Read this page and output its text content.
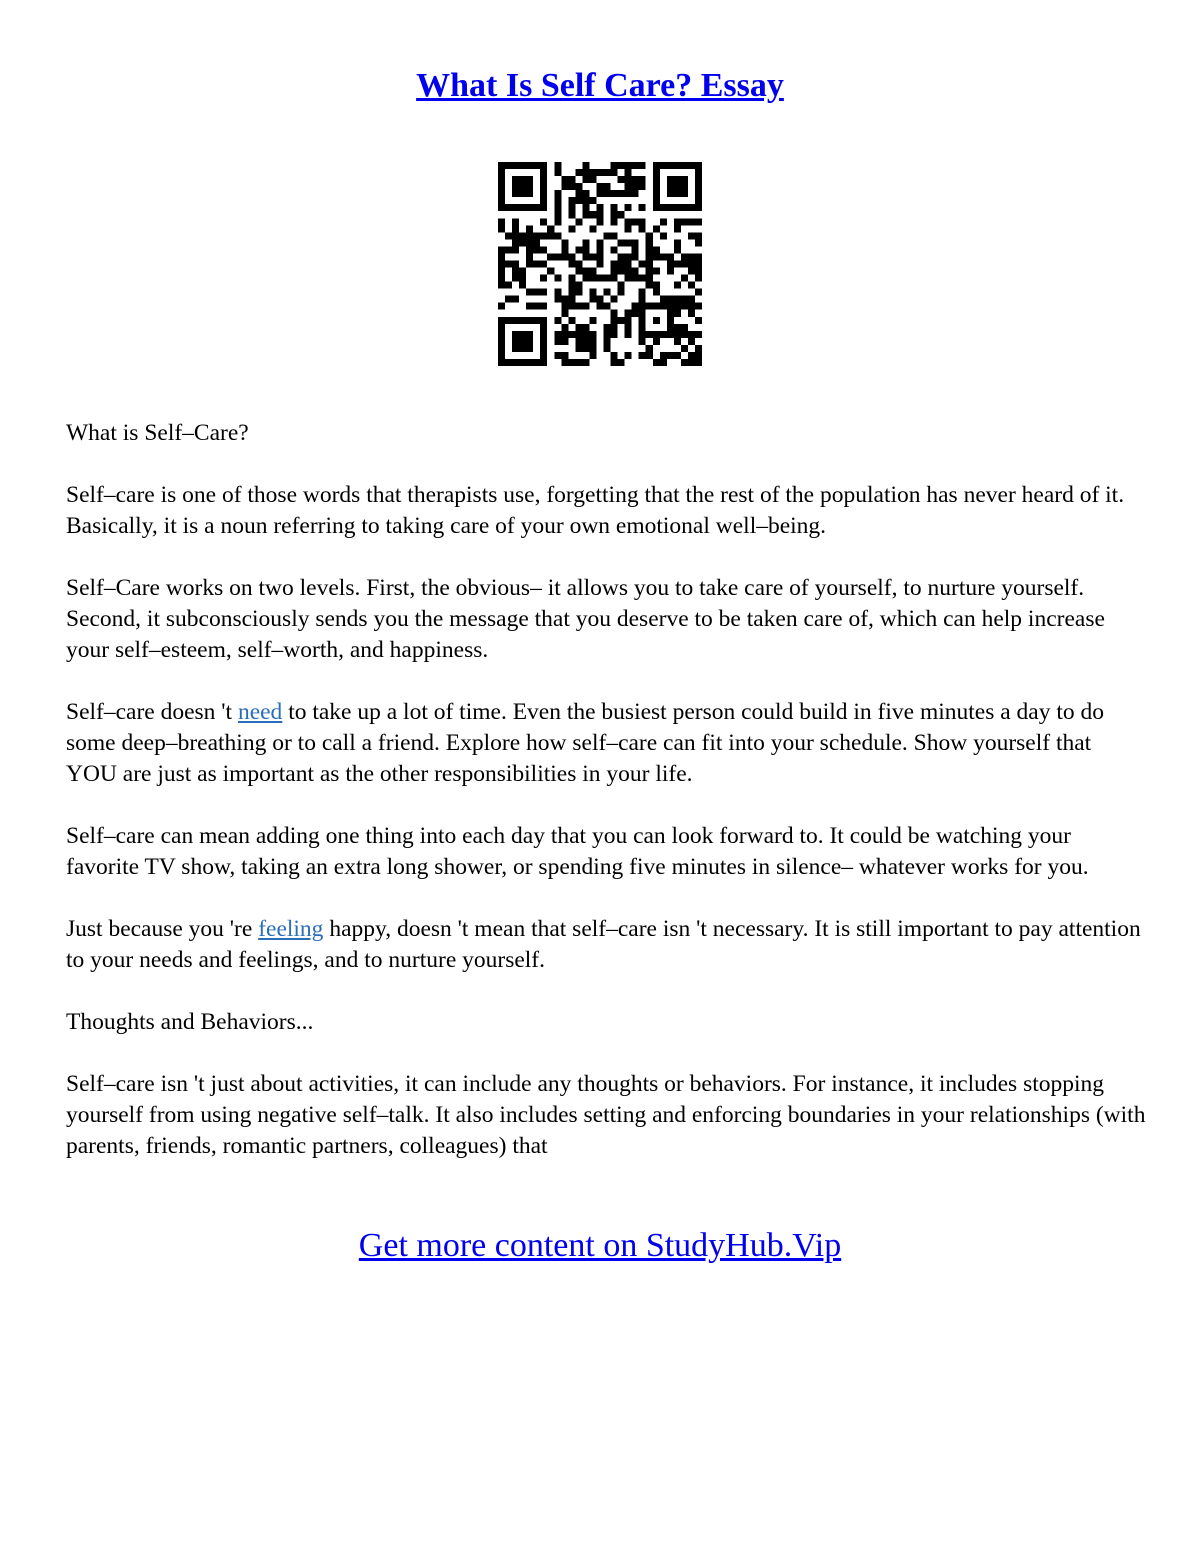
What Is Self Care? Essay

What is Self–Care?

Self–care is one of those words that therapists use, forgetting that the rest of the population has never heard of it. Basically, it is a noun referring to taking care of your own emotional well–being.

Self–Care works on two levels. First, the obvious– it allows you to take care of yourself, to nurture yourself. Second, it subconsciously sends you the message that you deserve to be taken care of, which can help increase your self–esteem, self–worth, and happiness.

Self–care doesn 't need to take up a lot of time. Even the busiest person could build in five minutes a day to do some deep–breathing or to call a friend. Explore how self–care can fit into your schedule. Show yourself that YOU are just as important as the other responsibilities in your life.

Self–care can mean adding one thing into each day that you can look forward to. It could be watching your favorite TV show, taking an extra long shower, or spending five minutes in silence– whatever works for you.

Just because you 're feeling happy, doesn 't mean that self–care isn 't necessary. It is still important to pay attention to your needs and feelings, and to nurture yourself.

Thoughts and Behaviors...

Self–care isn 't just about activities, it can include any thoughts or behaviors. For instance, it includes stopping yourself from using negative self–talk. It also includes setting and enforcing boundaries in your relationships (with parents, friends, romantic partners, colleagues) that

Get more content on StudyHub.Vip
